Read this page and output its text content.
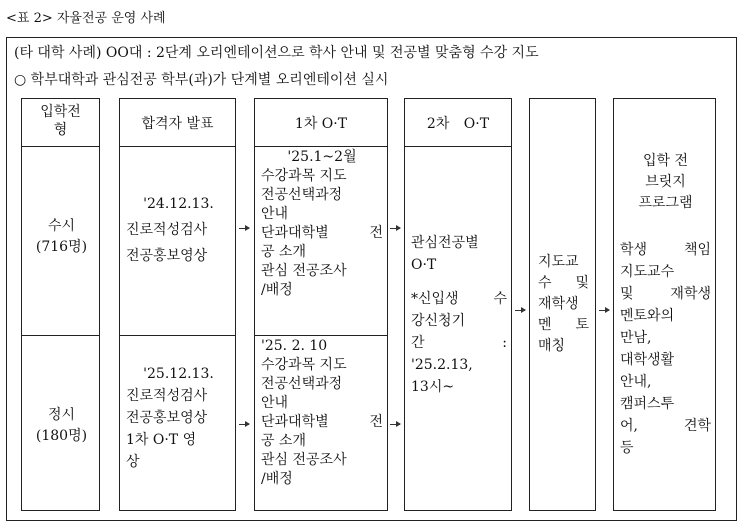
<표 2> 자율전공 운영 사례
(타 대학 사례) OO대 : 2단계 오리엔테이션으로 학사 안내 및 전공별 맞춤형 수강 지도
○ 학부대학과 관심전공 학부(과)가 단계별 오리엔테이션 실시
입학전
형
수시
(716명)
정시
(180명)
합격자 발표
'24.12.13.
진로적성검사
전공홍보영상
'25.12.13.
진로적성검사
전공홍보영상
1차 O·T 영
상
1차 O·T
'25.1~2월
수강과목 지도
전공선택과정
안내
단과대학별 전
공 소개
관심 전공조사
/배정
'25. 2. 10
수강과목 지도
전공선택과정
안내
단과대학별 전
공 소개
관심 전공조사
/배정
2차 O·T
관심전공별
O·T
*신입생 수
강신청기
간 :
'25.2.13,
13시~
지도교
수 및
재학생
멘 토
매칭
입학 전
브릿지
프로그램
학생 책임
지도교수
및 재학생
멘토와의
만남,
대학생활
안내,
캠퍼스투
어, 견학
등
